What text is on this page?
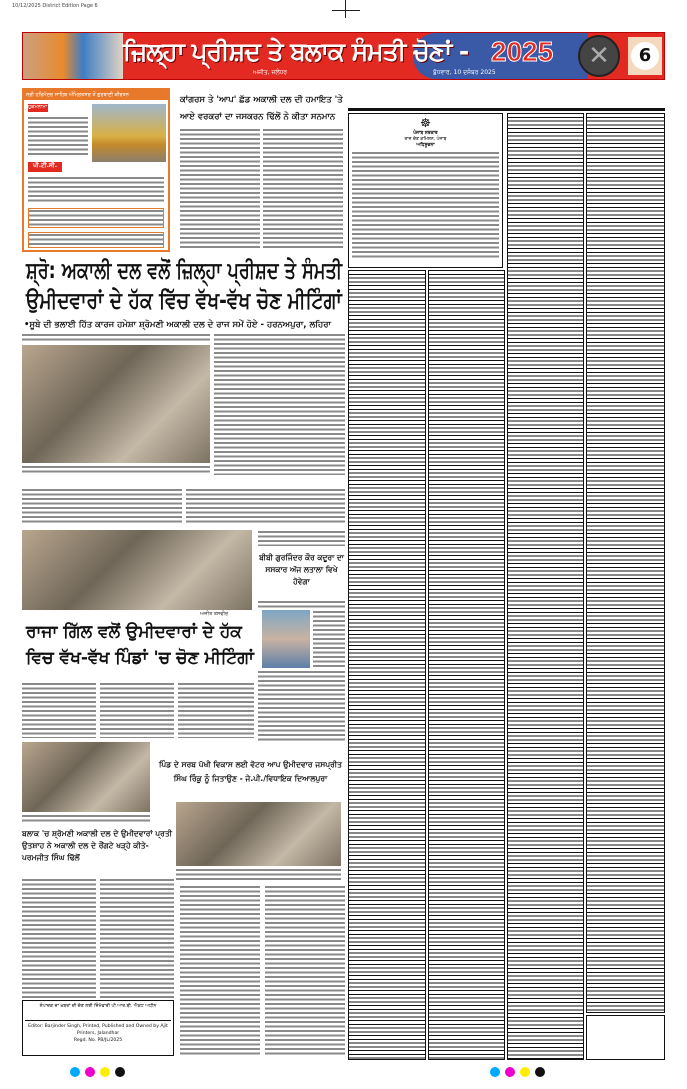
10/12/2025 District Edition Page 6
ਜ਼ਿਲ੍ਹਾ ਪ੍ਰੀਸ਼ਦ ਤੇ ਬਲਾਕ ਸੰਮਤੀ ਚੋਣਾਂ - 2025
ਅਜੀਤ, ਜਲੰਧਰ	ਬੁੱਧਵਾਰ, 10 ਦਸੰਬਰ 2025
✕	6
ਸ੍ਰੀ ਹਰਿਮੰਦਰ ਸਾਹਿਬ ਅੰਮ੍ਰਿਤਸਰ ਤੋਂ ਗੁਰਬਾਣੀ ਕੀਰਤਨ
ਹੁਕਮਨਾਮਾ
ਪੀ.ਟੀ.ਸੀ.
ਕਾਂਗਰਸ ਤੇ 'ਆਪ' ਛੱਡ ਅਕਾਲੀ ਦਲ ਦੀ ਹਮਾਇਤ 'ਤੇ ਆਏ ਵਰਕਰਾਂ ਦਾ ਜਸਕਰਨ ਢਿੱਲੋਂ ਨੇ ਕੀਤਾ ਸਨਮਾਨ
ਸ਼੍ਰੋ: ਅਕਾਲੀ ਦਲ ਵਲੋਂ ਜ਼ਿਲ੍ਹਾ ਪ੍ਰੀਸ਼ਦ ਤੇ ਸੰਮਤੀ
ਉਮੀਦਵਾਰਾਂ ਦੇ ਹੱਕ ਵਿੱਚ ਵੱਖ-ਵੱਖ ਚੋਣ ਮੀਟਿੰਗਾਂ
•ਸੂਬੇ ਦੀ ਭਲਾਈ ਹਿੱਤ ਕਾਰਜ ਹਮੇਸ਼ਾ ਸ਼੍ਰੋਮਣੀ ਅਕਾਲੀ ਦਲ ਦੇ ਰਾਜ ਸਮੇਂ ਹੋਏ - ਹਰਨਅਪੁਰਾ, ਲਹਿਰਾ
ਅਜੀਤ ਤਸਵੀਰ
ਬੀਬੀ ਗੁਰਜਿੰਦਰ ਕੌਰ ਕਦੂਰਾ ਦਾ ਸਸਕਾਰ ਅੱਜ ਲਤਾਲਾ ਵਿਖੇ ਹੋਵੇਗਾ
ਰਾਜਾ ਗਿੱਲ ਵਲੋਂ ਉਮੀਦਵਾਰਾਂ ਦੇ ਹੱਕ
ਵਿਚ ਵੱਖ-ਵੱਖ ਪਿੰਡਾਂ 'ਚ ਚੋਣ ਮੀਟਿੰਗਾਂ
ਪਿੰਡ ਦੇ ਸਰਬ ਪੱਖੀ ਵਿਕਾਸ ਲਈ ਵੋਟਰ ਆਪ ਉਮੀਦਵਾਰ ਜਸਪ੍ਰੀਤ ਸਿੰਘ ਰਿੰਕੂ ਨੂੰ ਜਿਤਾਉਣ - ਜੇ.ਪੀ./ਵਿਧਾਇਕ ਦਿਆਲਪੁਰਾ
ਬਲਾਕ 'ਚ ਸ਼੍ਰੋਮਣੀ ਅਕਾਲੀ ਦਲ ਦੇ ਉਮੀਦਵਾਰਾਂ ਪ੍ਰਤੀ ਉਤਸ਼ਾਹ ਨੇ ਅਕਾਲੀ ਦਲ ਦੇ ਰੌਂਗਟੇ ਖੜ੍ਹੇ ਕੀਤੇ- ਪਰਮਜੀਤ ਸਿੰਘ ਢਿੱਲੋਂ
ਸੰਪਾਦਕ ਦਾ ਖ਼ਬਰਾਂ ਦੀ ਚੋਣ ਲਈ ਜ਼ਿੰਮੇਵਾਰੀ ਪੀ.ਆਰ.ਬੀ. ਐਕਟ ਅਧੀਨ
Editor: Barjinder Singh, Printed, Published and Owned by Ajit Printers, Jalandhar
Regd. No. PB/JL/2025
☸
ਪੰਜਾਬ ਸਰਕਾਰ
ਰਾਜ ਚੋਣ ਕਮਿਸ਼ਨ, ਪੰਜਾਬ
ਅਧਿਸੂਚਨਾ
